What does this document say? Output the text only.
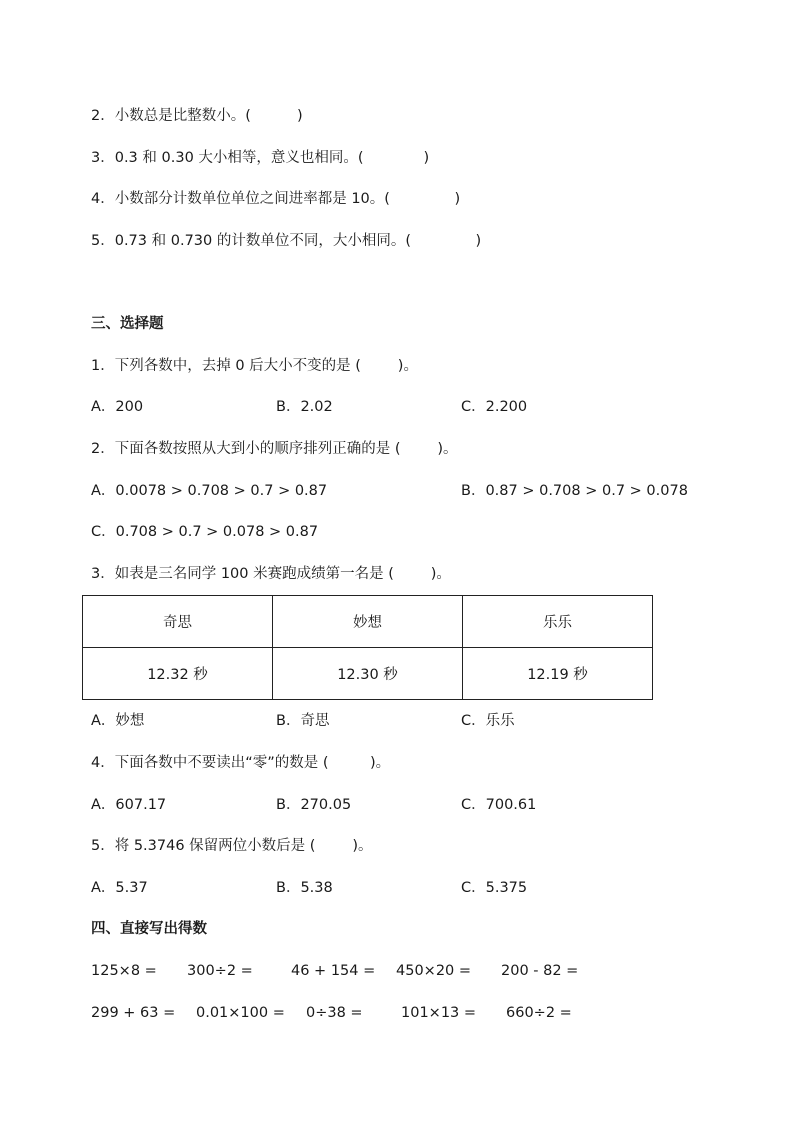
2．小数总是比整数小。(          )
3．0.3 和 0.30 大小相等，意义也相同。(             )
4．小数部分计数单位单位之间进率都是 10。(              )
5．0.73 和 0.730 的计数单位不同，大小相同。(              )
三、选择题
1．下列各数中，去掉 0 后大小不变的是 (        )。
A．200	B．2.02	C．2.200
2．下面各数按照从大到小的顺序排列正确的是 (        )。
A．0.0078 > 0.708 > 0.7 > 0.87	B．0.87 > 0.708 > 0.7 > 0.078
C．0.708 > 0.7 > 0.078 > 0.87
3．如表是三名同学 100 米赛跑成绩第一名是 (        )。
奇思	妙想	乐乐
12.32 秒	12.30 秒	12.19 秒
A．妙想	B．奇思	C．乐乐
4．下面各数中不要读出“零”的数是 (         )。
A．607.17	B．270.05	C．700.61
5．将 5.3746 保留两位小数后是 (        )。
A．5.37	B．5.38	C．5.375
四、直接写出得数
125×8 = 300÷2 =	46 + 154 = 450×20 = 200 - 82 =
299 + 63 = 0.01×100 = 0÷38 =	101×13 = 660÷2 =
